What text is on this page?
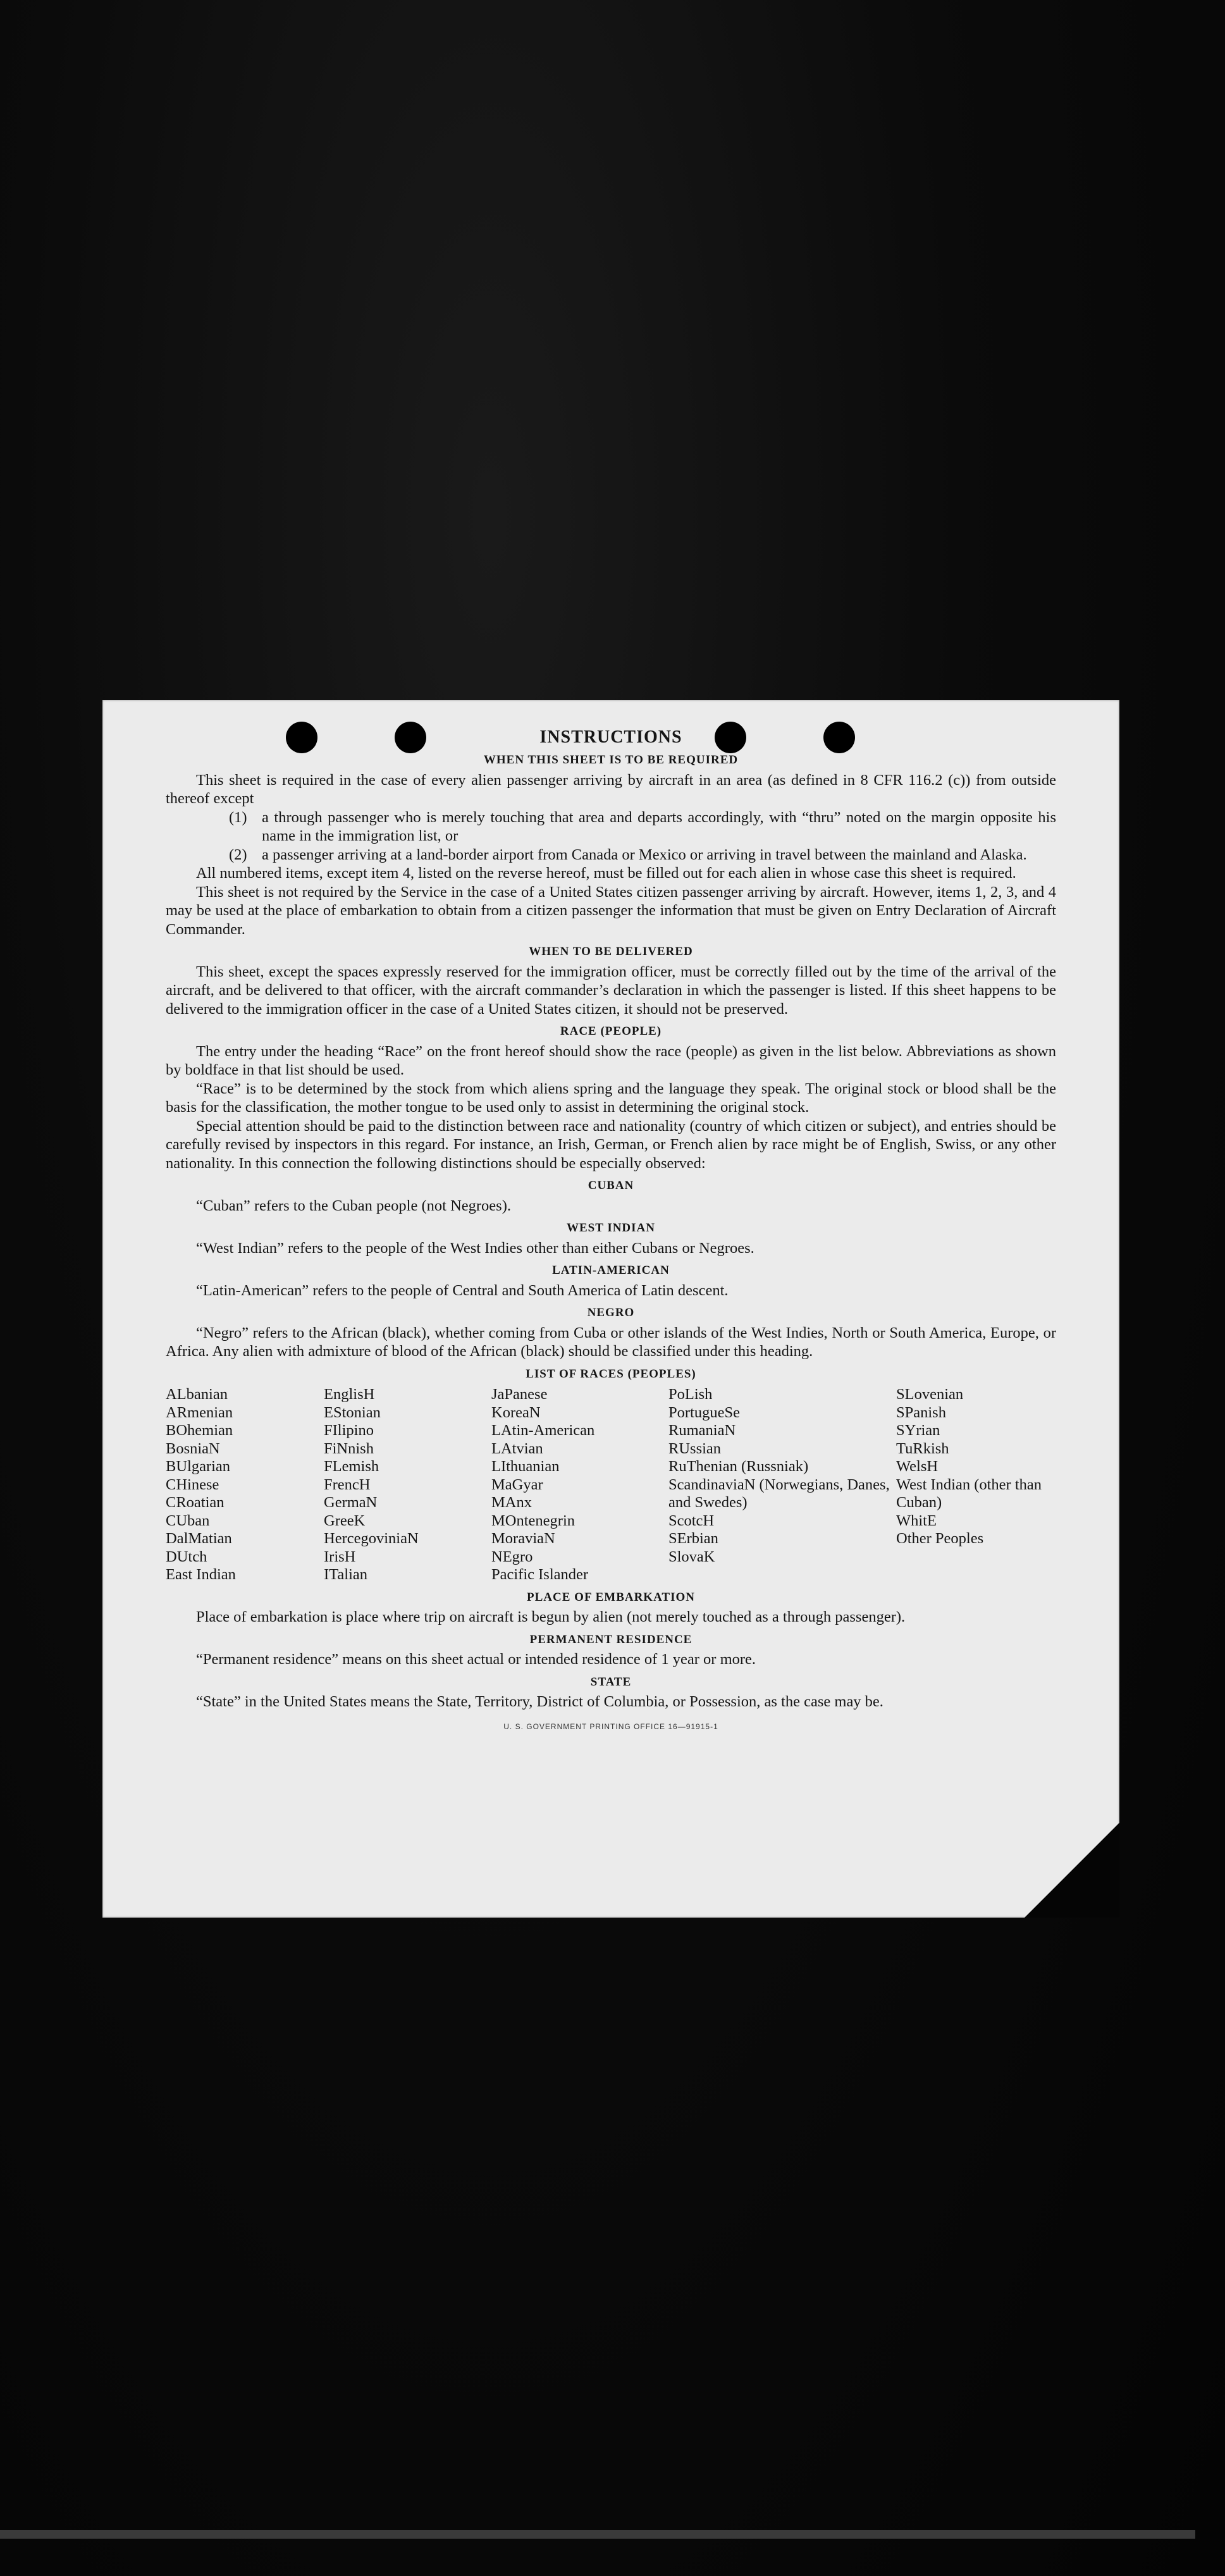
INSTRUCTIONS
WHEN THIS SHEET IS TO BE REQUIRED

This sheet is required in the case of every alien passenger arriving by aircraft in an area (as defined in 8 CFR 116.2 (c)) from outside thereof except

(1) a through passenger who is merely touching that area and departs accordingly, with “thru” noted on the margin opposite his name in the immigration list, or
(2) a passenger arriving at a land-border airport from Canada or Mexico or arriving in travel between the mainland and Alaska.

All numbered items, except item 4, listed on the reverse hereof, must be filled out for each alien in whose case this sheet is required.

This sheet is not required by the Service in the case of a United States citizen passenger arriving by aircraft. However, items 1, 2, 3, and 4 may be used at the place of embarkation to obtain from a citizen passenger the information that must be given on Entry Declaration of Aircraft Commander.

WHEN TO BE DELIVERED

This sheet, except the spaces expressly reserved for the immigration officer, must be correctly filled out by the time of the arrival of the aircraft, and be delivered to that officer, with the aircraft commander’s declaration in which the passenger is listed. If this sheet happens to be delivered to the immigration officer in the case of a United States citizen, it should not be preserved.

RACE (PEOPLE)

The entry under the heading “Race” on the front hereof should show the race (people) as given in the list below. Abbreviations as shown by boldface in that list should be used.

“Race” is to be determined by the stock from which aliens spring and the language they speak. The original stock or blood shall be the basis for the classification, the mother tongue to be used only to assist in determining the original stock.

Special attention should be paid to the distinction between race and nationality (country of which citizen or subject), and entries should be carefully revised by inspectors in this regard. For instance, an Irish, German, or French alien by race might be of English, Swiss, or any other nationality. In this connection the following distinctions should be especially observed:

CUBAN

“Cuban” refers to the Cuban people (not Negroes).

WEST INDIAN

“West Indian” refers to the people of the West Indies other than either Cubans or Negroes.

LATIN-AMERICAN

“Latin-American” refers to the people of Central and South America of Latin descent.

NEGRO

“Negro” refers to the African (black), whether coming from Cuba or other islands of the West Indies, North or South America, Europe, or Africa. Any alien with admixture of blood of the African (black) should be classified under this heading.

LIST OF RACES (PEOPLES)
ALbanian
ARmenian
BOhemian
BosniaN
BUlgarian
CHinese
CRoatian
CUban
DalMatian
DUtch
East Indian
EnglisH
EStonian
FIlipino
FiNnish
FLemish
FrencH
GermaN
GreeK
HercegoviniaN
IrisH
ITalian
JaPanese
KoreaN
LAtin-American
LAtvian
LIthuanian
MaGyar
MAnx
MOntenegrin
MoraviaN
NEgro
Pacific Islander
PoLish
PortugueSe
RumaniaN
RUssian
RuThenian (Russniak)
ScandinaviaN (Norwegians, Danes, and Swedes)
ScotcH
SErbian
SlovaK
SLovenian
SPanish
SYrian
TuRkish
WelsH
West Indian (other than Cuban)
WhitE
Other Peoples
PLACE OF EMBARKATION

Place of embarkation is place where trip on aircraft is begun by alien (not merely touched as a through passenger).

PERMANENT RESIDENCE

“Permanent residence” means on this sheet actual or intended residence of 1 year or more.

STATE

“State” in the United States means the State, Territory, District of Columbia, or Possession, as the case may be.

U. S. GOVERNMENT PRINTING OFFICE 16—91915-1
